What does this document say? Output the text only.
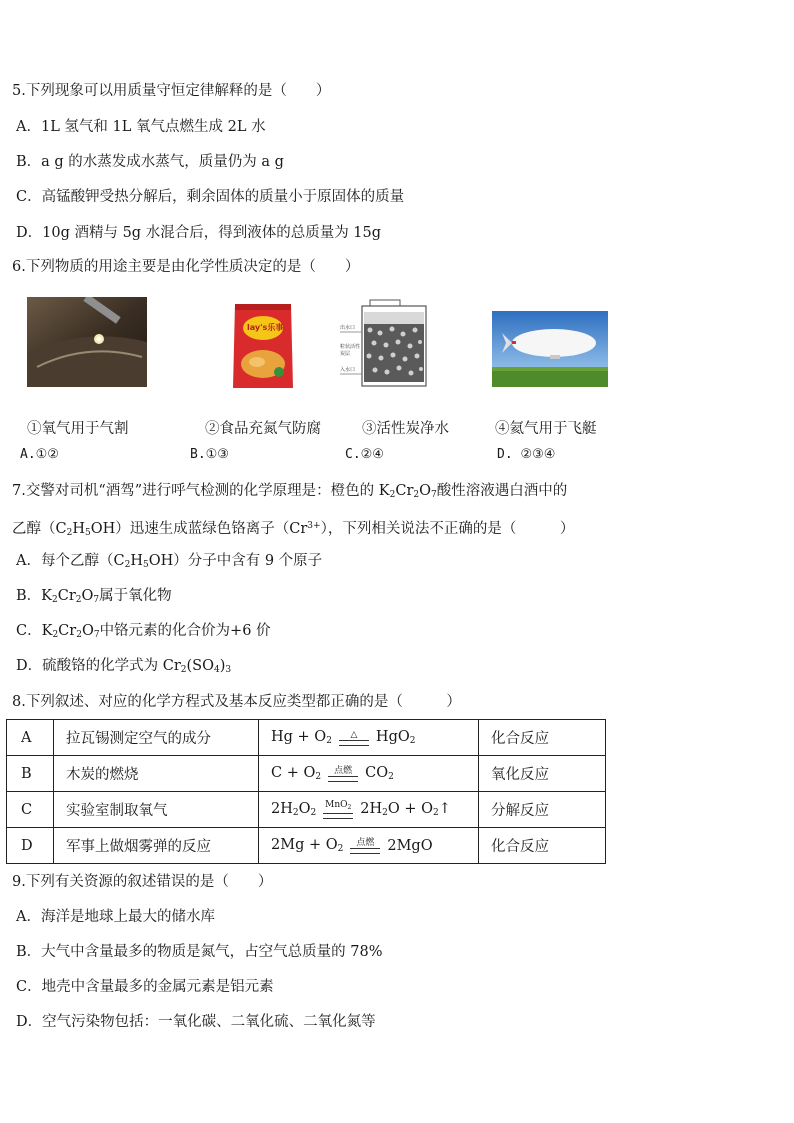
5.下列现象可以用质量守恒定律解释的是（　　）
A．1L 氢气和 1L 氧气点燃生成 2L 水
B．a g 的水蒸发成水蒸气，质量仍为 a g
C．高锰酸钾受热分解后，剩余固体的质量小于原固体的质量
D．10g 酒精与 5g 水混合后，得到液体的总质量为 15g
6.下列物质的用途主要是由化学性质决定的是（　　）
lay's乐事	出水口
粒状活性炭层
入水口
①氧气用于气割	②食品充氮气防腐	③活性炭净水	④氦气用于飞艇
A.①②	B.①③	C.②④	D. ②③④
7.交警对司机“酒驾”进行呼气检测的化学原理是：橙色的 $K_2Cr_2O_7$酸性溶液遇白酒中的
乙醇$(C_2H_5OH)$迅速生成蓝绿色铬离子$(Cr^{3+})$，下列相关说法不正确的是（　　　）
A．每个乙醇$(C_2H_5OH)$分子中含有 9 个原子
B．$K_2Cr_2O_7$属于氧化物
C．$K_2Cr_2O_7$中铬元素的化合价为+6 价
D．硫酸铬的化学式为 $Cr_2(SO_4)_3$
8.下列叙述、对应的化学方程式及基本反应类型都正确的是（　　　）
A	拉瓦锡测定空气的成分	$Hg + O_2$
△ HgO$_2$	化合反应
B	木炭的燃烧	$C + O_2$
点燃 $CO_2$	氧化反应
C	实验室制取氧气	$2H_2O_2$
MnO$_2$ $2H_2O$ + $O_2↑$	分解反应
D	军事上做烟雾弹的反应	$2Mg + O_2$
点燃 2MgO	化合反应
9.下列有关资源的叙述错误的是（　　）
A．海洋是地球上最大的储水库
B．大气中含量最多的物质是氮气，占空气总质量的 78%
C．地壳中含量最多的金属元素是铝元素
D．空气污染物包括：一氧化碳、二氧化硫、二氧化氮等
